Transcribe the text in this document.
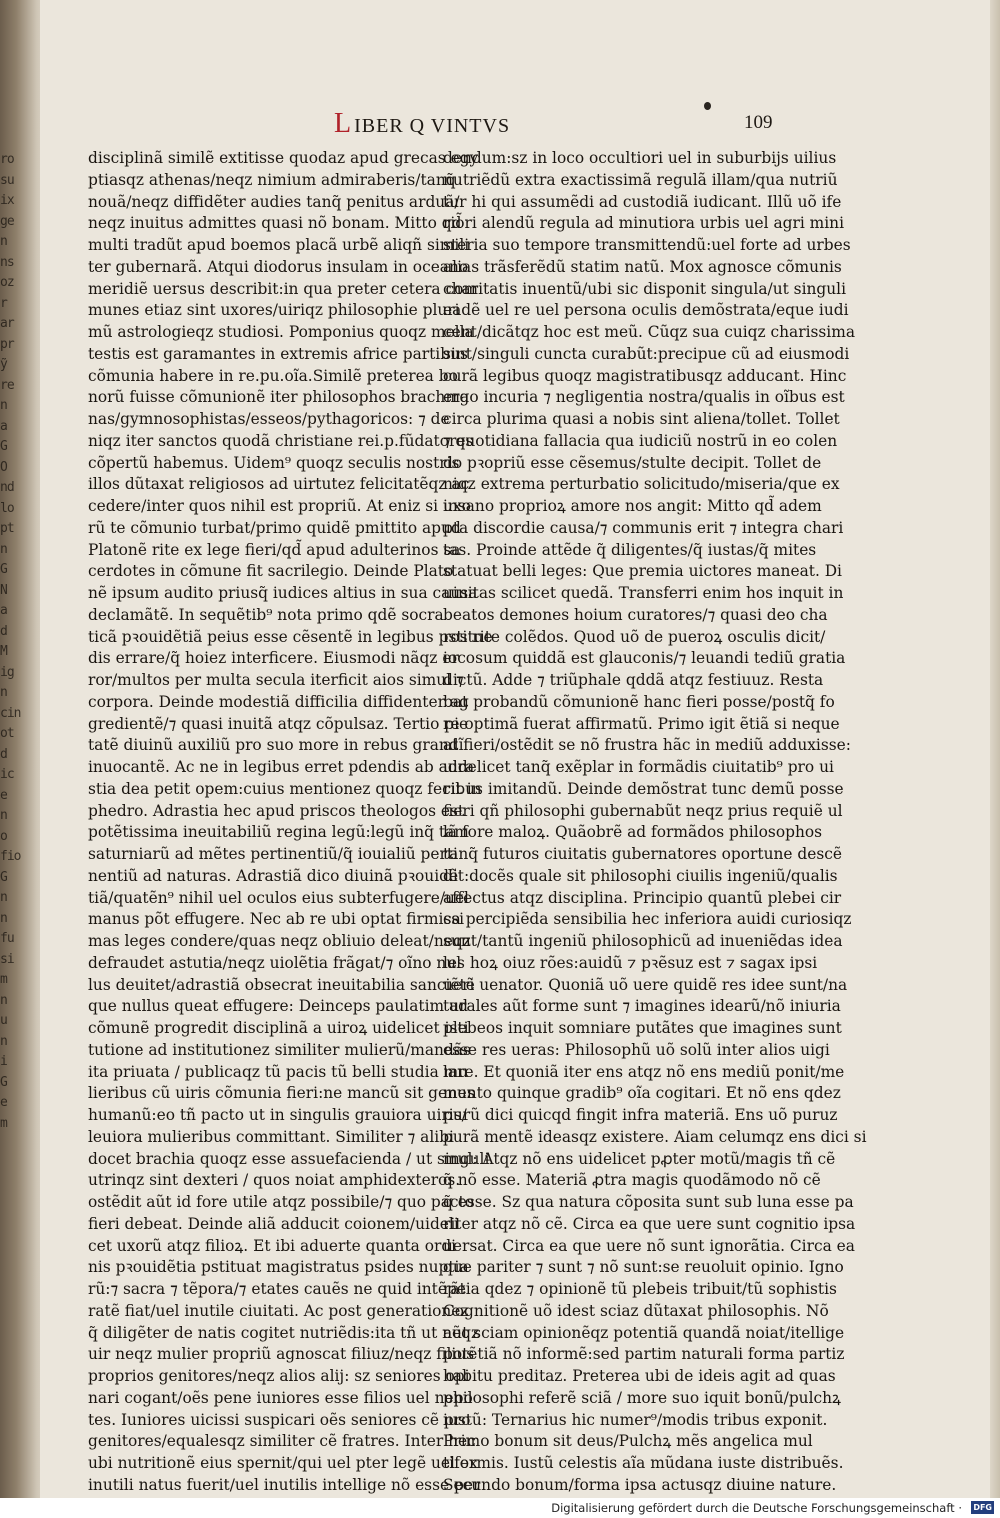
ro
su
ix
ge
n
ns
oz
r
ar
pr
ỹ
re
n
a
G
O
nd
lo
pt
n
G
N
a
d
M
ig
n
cin
ot
d
ic
e
n
o
fio
G
n
n
fu
si
m
n
u
n
i
G
e
m
L IBER Q VINTVS	109
disciplinã similẽ extitisse quodaz apud grecas egy
ptiasqz athenas/neqz nimium admiraberis/tanq̃
nouã/neqz diffidẽter audies tanq̃ penitus arduã/
neqz inuitus admittes quasi nõ bonam. Mitto qd̃
multi tradũt apud boemos placã urbẽ aliqñ simili
ter gubernarã. Atqui diodorus insulam in oceano
meridiẽ uersus describit:in qua preter cetera com
munes etiaz sint uxores/uiriqz philosophie pluri
mũ astrologieqz studiosi. Pomponius quoqz mella
testis est garamantes in extremis africe partibus
cõmunia habere in re.pu.oĩa.Similẽ preterea bo
norũ fuisse cõmunionẽ iter philosophos brachma
nas/gymnosophistas/esseos/pythagoricos: ⁊ de
niqz iter sanctos quodã christiane rei.p.fũdatores
cõpertũ habemus. Uidem⁹ quoqz seculis nostris
illos dũtaxat religiosos ad uirtutez felicitatẽqz ac
cedere/inter quos nihil est propriũ. At eniz si uxo
rũ te cõmunio turbat/primo quidẽ pmittito apud
Platonẽ rite ex lege fieri/qd̃ apud adulterinos sa
cerdotes in cõmune fit sacrilegio. Deinde Plato
nẽ ipsum audito priusq̃ iudices altius in sua causa
declamãtẽ. In sequẽtib⁹ nota primo qdẽ socra
ticã pꝛouidẽtiã peius esse cẽsentẽ in legibus pstitue
dis errare/q̃ hoiez interficere. Eiusmodi nãqz er
ror/multos per multa secula iterficit aios simul ⁊
corpora. Deinde modestiã difficilia diffidenter ag
gredientẽ/⁊ quasi inuitã atqz cõpulsaz. Tertio pie
tatẽ diuinũ auxiliũ pro suo more in rebus grandĩ
inuocantẽ. Ac ne in legibus erret pdendis ab adra
stia dea petit opem:cuius mentionez quoqz fecit in
phedro. Adrastia hec apud priscos theologos est
potẽtissima ineuitabiliũ regina legũ:legũ inq̃ tam
saturniarũ ad mẽtes pertinentiũ/q̃ iouialiũ perti
nentiũ ad naturas. Adrastiã dico diuinã pꝛouidẽ
tiã/quatẽn⁹ nihil uel oculos eius subterfugere/uel
manus põt effugere. Nec ab re ubi optat firmissi
mas leges condere/quas neqz obliuio deleat/neqz
defraudet astutia/neqz uiolẽtia frãgat/⁊ oĩno nul
lus deuitet/adrastiã obsecrat ineuitabilia sanciẽtẽ
que nullus queat effugere: Deinceps paulatim ad
cõmunẽ progredit disciplinã a uiroꝝ uidelicet isti
tutione ad institutionez similiter mulierũ/mandãs
ita priuata / publicaqz tũ pacis tũ belli studia mu
lieribus cũ uiris cõmunia fieri:ne mancũ sit genus
humanũ:eo tñ pacto ut in singulis grauiora uiris/
leuiora mulieribus committant. Similiter ⁊ alibi
docet brachia quoqz esse assuefacienda / ut singuli
utrinqz sint dexteri / quos noiat amphidexteros.
ostẽdit aũt id fore utile atqz possibile/⁊ quo pacto
fieri debeat. Deinde aliã adducit coionem/uideli
cet uxorũ atqz filioꝝ. Et ibi aduerte quanta ordi
nis pꝛouidẽtia pstituat magistratus psides nuptia
rũ:⁊ sacra ⁊ tẽpora/⁊ etates cauẽs ne quid intẽpe
ratẽ fiat/uel inutile ciuitati. Ac post generationez
q̃ diligẽter de natis cogitet nutriẽdis:ita tñ ut neqz
uir neqz mulier propriũ agnoscat filiuz/neqz filius
proprios genitores/neqz alios alij: sz seniores opi
nari cogant/oẽs pene iuniores esse filios uel nepo
tes. Iuniores uicissi suspicari oẽs seniores cẽ pro
genitores/equalesqz similiter cẽ fratres. Inter hec
ubi nutritionẽ eius spernit/qui uel pter legẽ uel ex
inutili natus fuerit/uel inutilis intellige nõ esse per
dendum:sz in loco occultiori uel in suburbijs uilius
nutriẽdũ extra exactissimã regulã illam/qua nutriũ
tur hi qui assumẽdi ad custodiã iudicant. Illũ uõ ife
riori alendũ regula ad minutiora urbis uel agri mini
steria suo tempore transmittendũ:uel forte ad urbes
alias trãsferẽdũ statim natũ. Mox agnosce cõmunis
charitatis inuentũ/ubi sic disponit singula/ut singuli
eadẽ uel re uel persona oculis demõstrata/eque iudi
cent/dicãtqz hoc est meũ. Cũqz sua cuiqz charissima
sint/singuli cuncta curabũt:precipue cũ ad eiusmodi
curã legibus quoqz magistratibusqz adducant. Hinc
ergo incuria ⁊ negligentia nostra/qualis in oĩbus est
circa plurima quasi a nobis sint aliena/tollet. Tollet
⁊ quotidiana fallacia qua iudiciũ nostrũ in eo colen
do pꝛopriũ esse cẽsemus/stulte decipit. Tollet de
niqz extrema perturbatio solicitudo/miseria/que ex
insano proprioꝝ amore nos angit: Mitto qd̃ adem
pta discordie causa/⁊ communis erit ⁊ integra chari
tas. Proinde attẽde q̃ diligentes/q̃ iustas/q̃ mites
statuat belli leges: Que premia uictores maneat. Di
uinitas scilicet quedã. Transferri enim hos inquit in
beatos demones hoium curatores/⁊ quasi deo cha
ros rite colẽdos. Quod uõ de pueroꝝ osculis dicit/
iocosum quiddã est glauconis/⁊ leuandi tediũ gratia
dictũ. Adde ⁊ triũphale qddã atqz festiuuz. Resta
bat probandũ cõmunionẽ hanc fieri posse/postq̃ fo
re optimã fuerat affirmatũ. Primo igit ẽtiã si neque
at fieri/ostẽdit se nõ frustra hãc in mediũ adduxisse:
uidelicet tanq̃ exẽplar in formãdis ciuitatib⁹ pro ui
ribus imitandũ. Deinde demõstrat tunc demũ posse
fieri qñ philosophi gubernabũt neqz prius requiẽ ul
lã fore maloꝝ. Quãobrẽ ad formãdos philosophos
tanq̃ futuros ciuitatis gubernatores oportune descẽ
dit:docẽs quale sit philosophi ciuilis ingeniũ/qualis
affectus atqz disciplina. Principio quantũ plebei cir
ca percipiẽda sensibilia hec inferiora auidi curiosiqz
sunt/tantũ ingeniũ philosophicũ ad inueniẽdas idea
les hoꝝ oiuz rões:auidũ ⁊ pꝛẽsuz est ⁊ sagax ipsi
ueri uenator. Quoniã uõ uere quidẽ res idee sunt/na
turales aũt forme sunt ⁊ imagines idearũ/nõ iniuria
plebeos inquit somniare putãtes que imagines sunt
esse res ueras: Philosophũ uõ solũ inter alios uigi
lare. Et quoniã iter ens atqz nõ ens mediũ ponit/me
mento quinque gradib⁹ oĩa cogitari. Et nõ ens qdez
purũ dici quicqd fingit infra materiã. Ens uõ puruz
purã mentẽ ideasqz existere. Aiam celumqz ens dici si
mul: Atqz nõ ens uidelicet pꝓter motũ/magis tñ cẽ
q̃ nõ esse. Materiã ꝓtra magis quodãmodo nõ cẽ
q̃ esse. Sz qua natura cõposita sunt sub luna esse pa
riter atqz nõ cẽ. Circa ea que uere sunt cognitio ipsa
uersat. Circa ea que uere nõ sunt ignorãtia. Circa ea
que pariter ⁊ sunt ⁊ nõ sunt:se reuoluit opinio. Igno
rãtia qdez ⁊ opinionẽ tũ plebeis tribuit/tũ sophistis
Cognitionẽ uõ idest sciaz dũtaxat philosophis. Nõ
aũt sciam opinionẽqz potentiã quandã noiat/itellige
potẽtiã nõ informẽ:sed partim naturali forma partiz
habitu preditaz. Preterea ubi de ideis agit ad quas
philosophi referẽ sciã / more suo iquit bonũ/pulchꝝ
iustũ: Ternarius hic numer⁹/modis tribus exponit.
Primo bonum sit deus/Pulchꝝ mẽs angelica mul
tiformis. Iustũ celestis aĩa mũdana iuste distribuẽs.
Secundo bonum/forma ipsa actusqz diuine nature.
Digitalisierung gefördert durch die Deutsche Forschungsgemeinschaft · DFG
